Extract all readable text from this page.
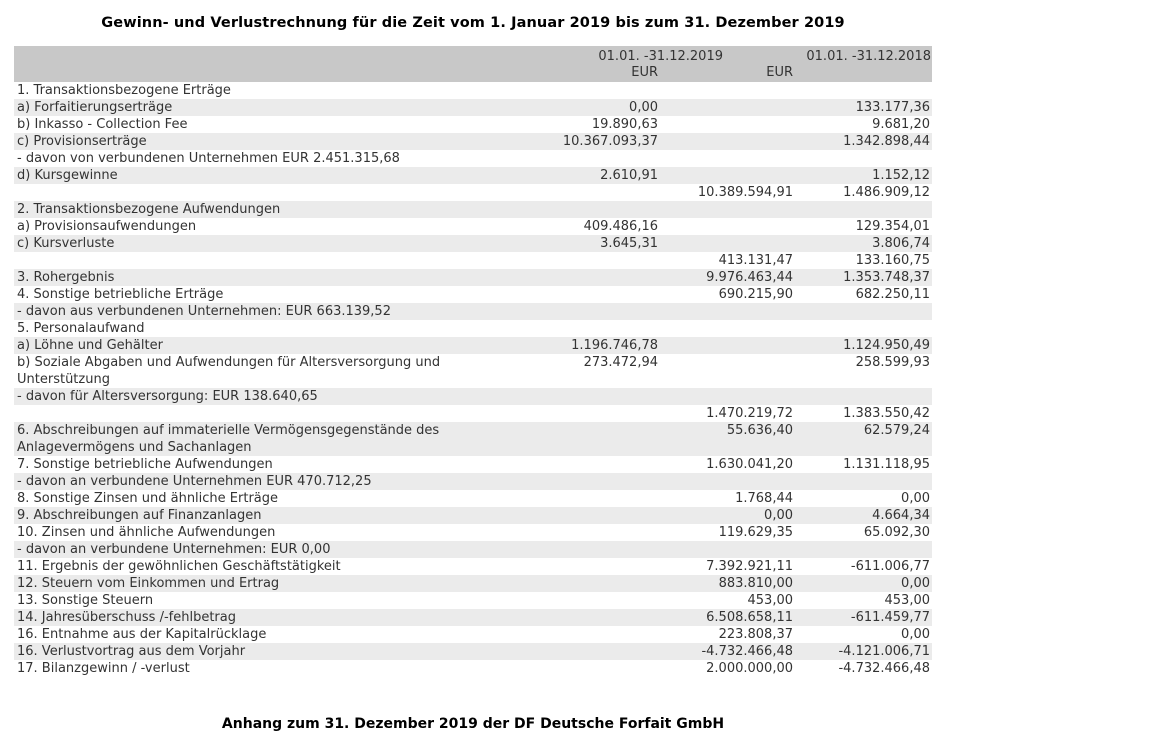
Gewinn- und Verlustrechnung für die Zeit vom 1. Januar 2019 bis zum 31. Dezember 2019
01.01. -31.12.2019	01.01. -31.12.2018
EUR	EUR
1. Transaktionsbezogene Erträge
a) Forfaitierungserträge	0,00	133.177,36
b) Inkasso - Collection Fee	19.890,63	9.681,20
c) Provisionserträge	10.367.093,37	1.342.898,44
- davon von verbundenen Unternehmen EUR 2.451.315,68
d) Kursgewinne	2.610,91	1.152,12
10.389.594,91	1.486.909,12
2. Transaktionsbezogene Aufwendungen
a) Provisionsaufwendungen	409.486,16	129.354,01
c) Kursverluste	3.645,31	3.806,74
413.131,47	133.160,75
3. Rohergebnis	9.976.463,44	1.353.748,37
4. Sonstige betriebliche Erträge	690.215,90	682.250,11
- davon aus verbundenen Unternehmen: EUR 663.139,52
5. Personalaufwand
a) Löhne und Gehälter	1.196.746,78	1.124.950,49
b) Soziale Abgaben und Aufwendungen für Altersversorgung und Unterstützung
273.472,94	258.599,93
- davon für Altersversorgung: EUR 138.640,65
1.470.219,72	1.383.550,42
6. Abschreibungen auf immaterielle Vermögensgegenstände des Anlagevermögens und Sachanlagen
55.636,40	62.579,24
7. Sonstige betriebliche Aufwendungen	1.630.041,20	1.131.118,95
- davon an verbundene Unternehmen EUR 470.712,25
8. Sonstige Zinsen und ähnliche Erträge	1.768,44	0,00
9. Abschreibungen auf Finanzanlagen	0,00	4.664,34
10. Zinsen und ähnliche Aufwendungen	119.629,35	65.092,30
- davon an verbundene Unternehmen: EUR 0,00
11. Ergebnis der gewöhnlichen Geschäftstätigkeit	7.392.921,11	-611.006,77
12. Steuern vom Einkommen und Ertrag	883.810,00	0,00
13. Sonstige Steuern	453,00	453,00
14. Jahresüberschuss /-fehlbetrag	6.508.658,11	-611.459,77
16. Entnahme aus der Kapitalrücklage	223.808,37	0,00
16. Verlustvortrag aus dem Vorjahr	-4.732.466,48	-4.121.006,71
17. Bilanzgewinn / -verlust	2.000.000,00	-4.732.466,48
Anhang zum 31. Dezember 2019 der DF Deutsche Forfait GmbH
